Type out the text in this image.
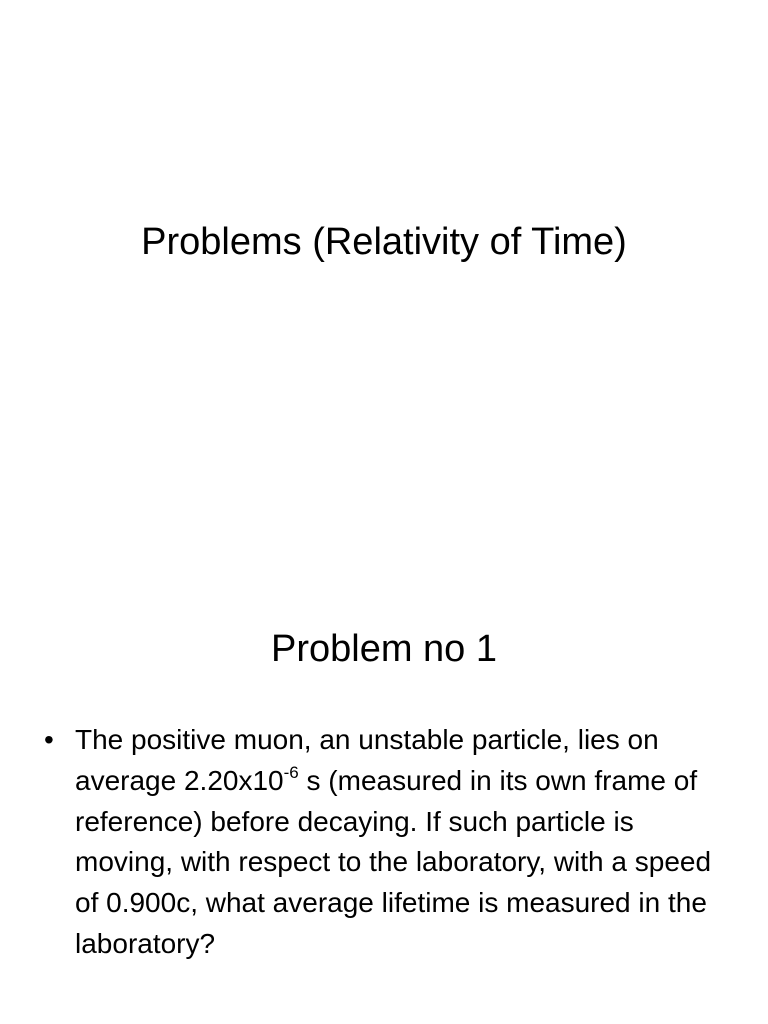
Problems (Relativity of Time)
Problem no 1
• The positive muon, an unstable particle, lies on average $2.20x10^{-6}$ s (measured in its own frame of reference) before decaying. If such particle is moving, with respect to the laboratory, with a speed of 0.900c, what average lifetime is measured in the laboratory?
